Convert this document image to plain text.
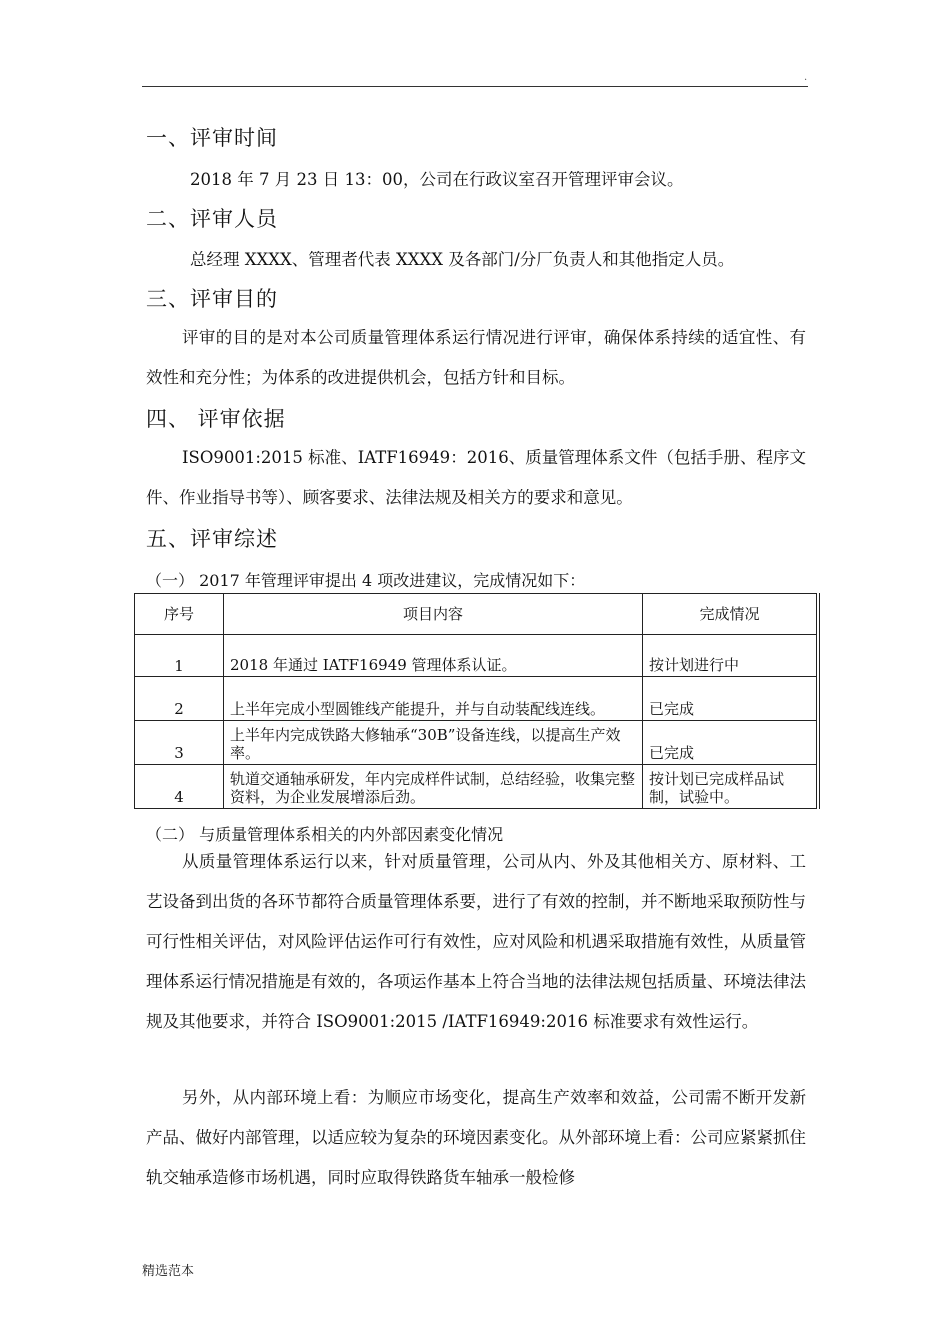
.
一、评审时间
2018 年 7 月 23 日 13：00，公司在行政议室召开管理评审会议。
二、评审人员
总经理 XXXX、管理者代表 XXXX 及各部门/分厂负责人和其他指定人员。
三、评审目的
评审的目的是对本公司质量管理体系运行情况进行评审，确保体系持续的适宜性、有效性和充分性；为体系的改进提供机会，包括方针和目标。
四、 评审依据
ISO9001:2015 标准、IATF16949：2016、质量管理体系文件（包括手册、程序文件、作业指导书等）、顾客要求、法律法规及相关方的要求和意见。
五、评审综述
（一） 2017 年管理评审提出 4 项改进建议，完成情况如下：
序号	项目内容	完成情况
1	2018 年通过 IATF16949 管理体系认证。	按计划进行中
2	上半年完成小型圆锥线产能提升，并与自动装配线连线。	已完成
3	上半年内完成铁路大修轴承“30B”设备连线，以提高生产效率。	已完成
4	轨道交通轴承研发，年内完成样件试制，总结经验，收集完整资料，为企业发展增添后劲。	按计划已完成样品试制，试验中。
（二） 与质量管理体系相关的内外部因素变化情况
从质量管理体系运行以来，针对质量管理，公司从内、外及其他相关方、原材料、工艺设备到出货的各环节都符合质量管理体系要，进行了有效的控制，并不断地采取预防性与可行性相关评估，对风险评估运作可行有效性，应对风险和机遇采取措施有效性，从质量管理体系运行情况措施是有效的，各项运作基本上符合当地的法律法规包括质量、环境法律法规及其他要求，并符合 ISO9001:2015 /IATF16949:2016 标准要求有效性运行。
另外，从内部环境上看：为顺应市场变化，提高生产效率和效益，公司需不断开发新产品、做好内部管理，以适应较为复杂的环境因素变化。从外部环境上看：公司应紧紧抓住轨交轴承造修市场机遇，同时应取得铁路货车轴承一般检修
精选范本
